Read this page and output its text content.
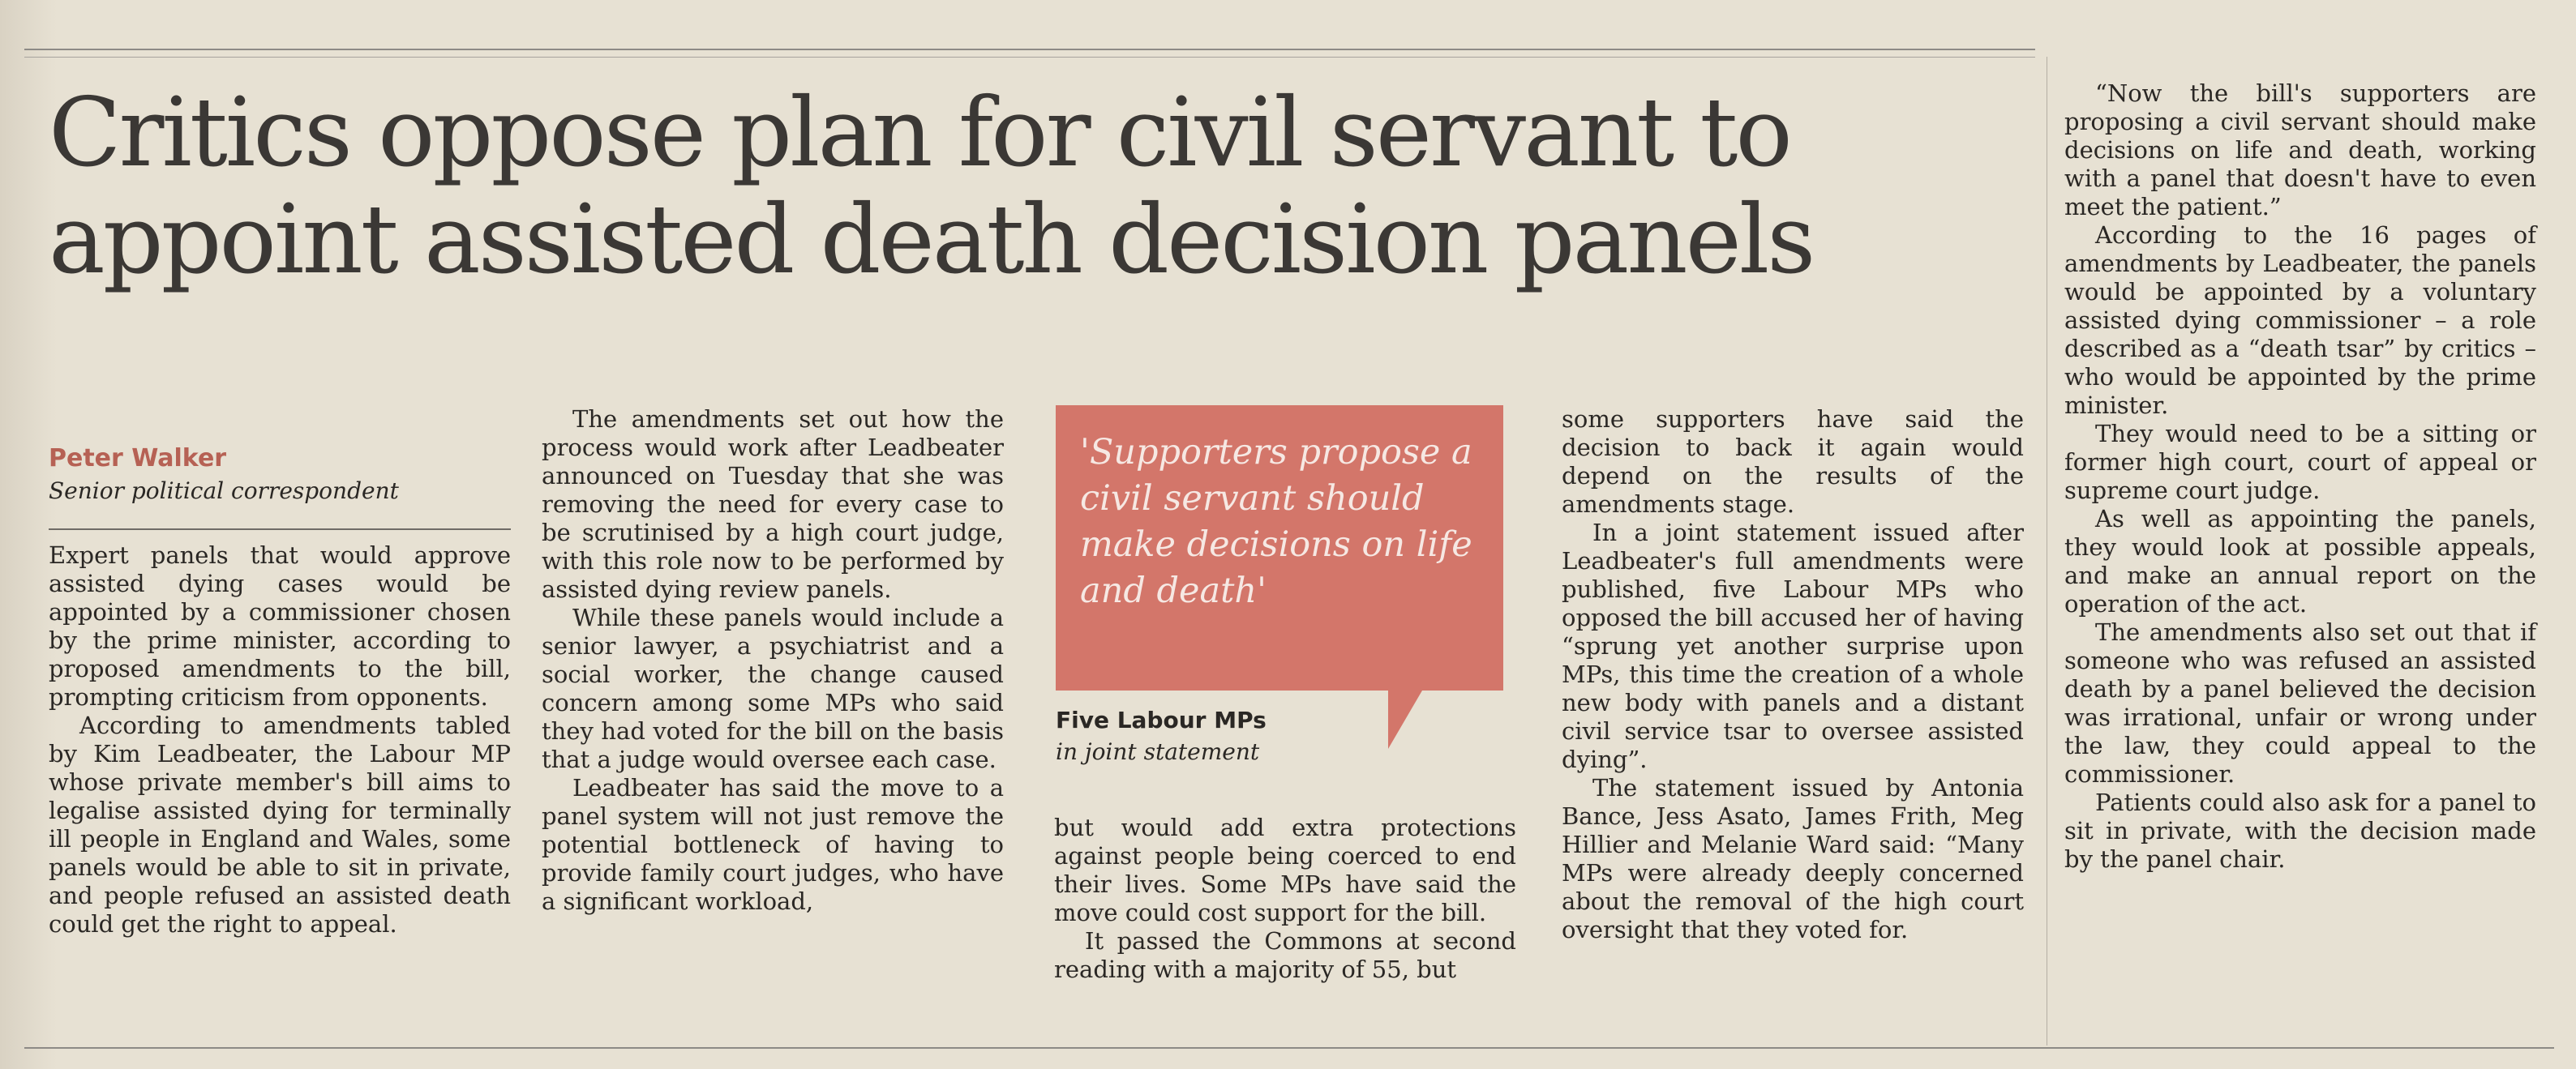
Critics oppose plan for civil servant to appoint assisted death decision panels
Peter Walker
Senior political correspondent

Expert panels that would approve assisted dying cases would be appointed by a commissioner chosen by the prime minister, according to proposed amendments to the bill, prompting criticism from opponents.

According to amendments tabled by Kim Leadbeater, the Labour MP whose private member's bill aims to legalise assisted dying for terminally ill people in England and Wales, some panels would be able to sit in private, and people refused an assisted death could get the right to appeal.

The amendments set out how the process would work after Leadbeater announced on Tuesday that she was removing the need for every case to be scrutinised by a high court judge, with this role now to be performed by assisted dying review panels.

While these panels would include a senior lawyer, a psychiatrist and a social worker, the change caused concern among some MPs who said they had voted for the bill on the basis that a judge would oversee each case.

Leadbeater has said the move to a panel system will not just remove the potential bottleneck of having to provide family court judges, who have a significant workload,

'Supporters propose a civil servant should make decisions on life and death'
Five Labour MPs
in joint statement

but would add extra protections against people being coerced to end their lives. Some MPs have said the move could cost support for the bill.

It passed the Commons at second reading with a majority of 55, but

some supporters have said the decision to back it again would depend on the results of the amendments stage.

In a joint statement issued after Leadbeater's full amendments were published, five Labour MPs who opposed the bill accused her of having “sprung yet another surprise upon MPs, this time the creation of a whole new body with panels and a distant civil service tsar to oversee assisted dying”.

The statement issued by Antonia Bance, Jess Asato, James Frith, Meg Hillier and Melanie Ward said: “Many MPs were already deeply concerned about the removal of the high court oversight that they voted for.

“Now the bill's supporters are proposing a civil servant should make decisions on life and death, working with a panel that doesn't have to even meet the patient.”

According to the 16 pages of amendments by Leadbeater, the panels would be appointed by a voluntary assisted dying commissioner – a role described as a “death tsar” by critics – who would be appointed by the prime minister.

They would need to be a sitting or former high court, court of appeal or supreme court judge.

As well as appointing the panels, they would look at possible appeals, and make an annual report on the operation of the act.

The amendments also set out that if someone who was refused an assisted death by a panel believed the decision was irrational, unfair or wrong under the law, they could appeal to the commissioner.

Patients could also ask for a panel to sit in private, with the decision made by the panel chair.
